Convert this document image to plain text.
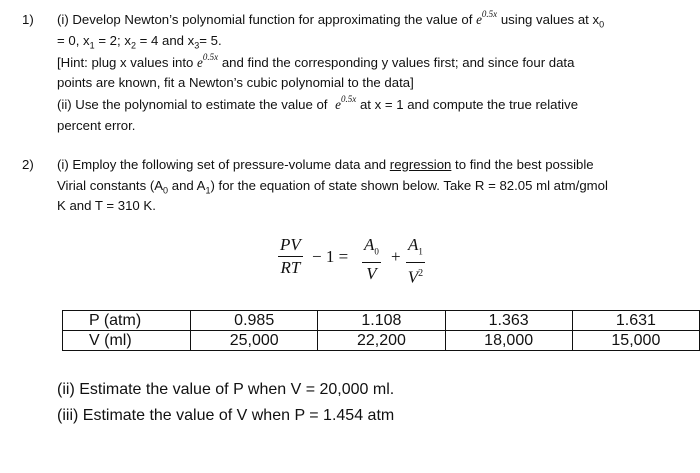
1) (i) Develop Newton’s polynomial function for approximating the value of $e^{0.5x}$ using values at $x_0$
= 0, $x_1 = 2$; $x_2 = 4$ and $x_3= 5$.
[Hint: plug x values into $e^{0.5x}$ and find the corresponding y values first; and since four data
points are known, fit a Newton’s cubic polynomial to the data]
(ii) Use the polynomial to estimate the value of $e^{0.5x}$ at x = 1 and compute the true relative
percent error.
2) (i) Employ the following set of pressure-volume data and regression to find the best possible
Virial constants ($A_0$ and $A_1$) for the equation of state shown below. Take R = 82.05 ml atm/gmol
K and T = 310 K.
$\frac{PV}{RT} - 1 = \frac{A_0}{V} + \frac{A_1}{V^2}$
P (atm)	0.985	1.108	1.363	1.631
V (ml)	25,000	22,200	18,000	15,000
(ii) Estimate the value of P when V = 20,000 ml.
(iii) Estimate the value of V when P = 1.454 atm
